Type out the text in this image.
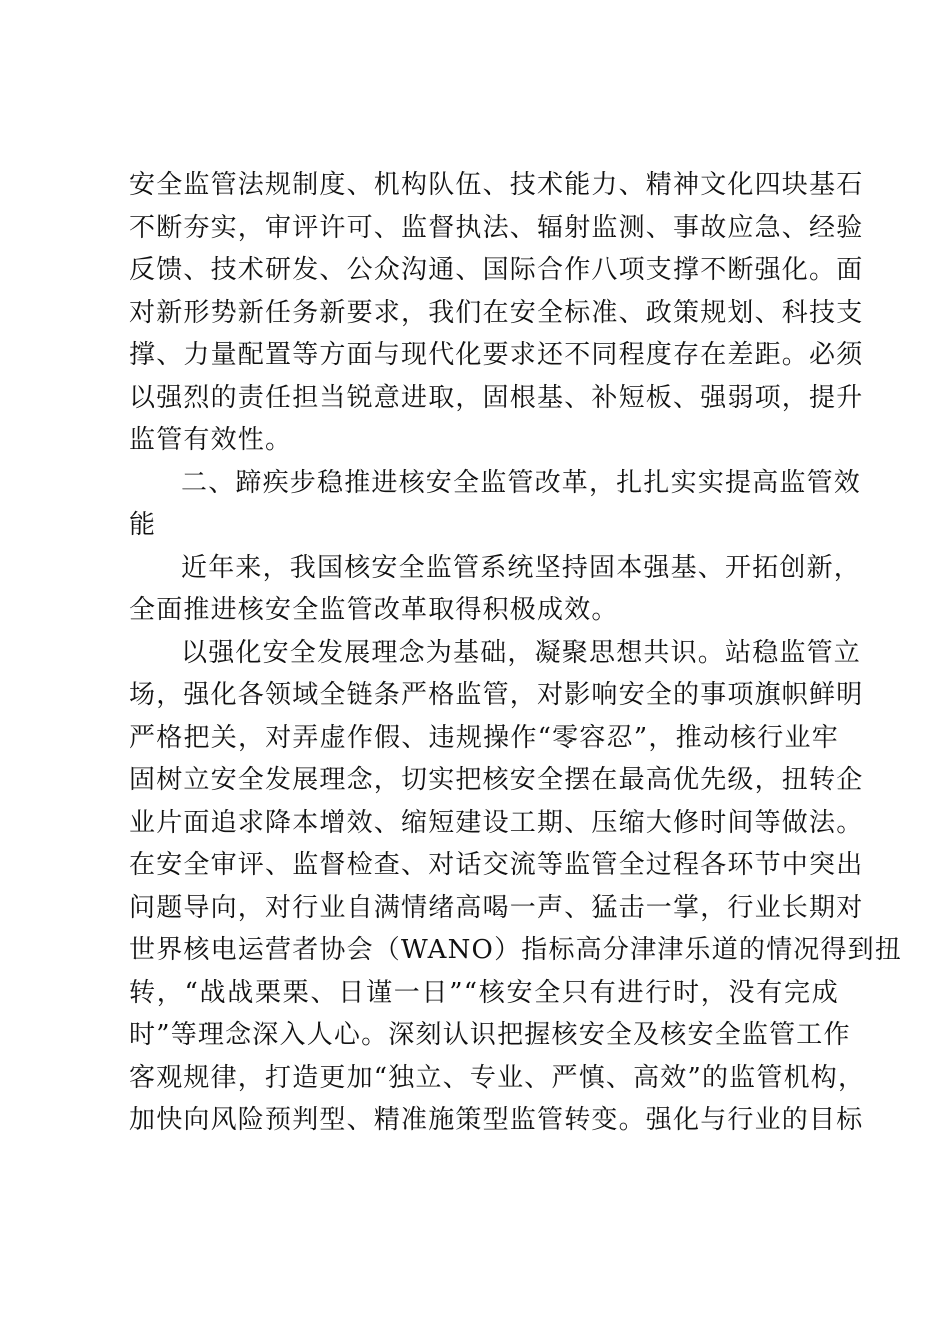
安全监管法规制度、机构队伍、技术能力、精神文化四块基石
不断夯实，审评许可、监督执法、辐射监测、事故应急、经验
反馈、技术研发、公众沟通、国际合作八项支撑不断强化。面
对新形势新任务新要求，我们在安全标准、政策规划、科技支
撑、力量配置等方面与现代化要求还不同程度存在差距。必须
以强烈的责任担当锐意进取，固根基、补短板、强弱项，提升
监管有效性。

二、蹄疾步稳推进核安全监管改革，扎扎实实提高监管效
能

近年来，我国核安全监管系统坚持固本强基、开拓创新，
全面推进核安全监管改革取得积极成效。

以强化安全发展理念为基础，凝聚思想共识。站稳监管立
场，强化各领域全链条严格监管，对影响安全的事项旗帜鲜明
严格把关，对弄虚作假、违规操作“零容忍”，推动核行业牢
固树立安全发展理念，切实把核安全摆在最高优先级，扭转企
业片面追求降本增效、缩短建设工期、压缩大修时间等做法。
在安全审评、监督检查、对话交流等监管全过程各环节中突出
问题导向，对行业自满情绪高喝一声、猛击一掌，行业长期对
世界核电运营者协会（WANO）指标高分津津乐道的情况得到扭
转，“战战栗栗、日谨一日”“核安全只有进行时，没有完成
时”等理念深入人心。深刻认识把握核安全及核安全监管工作
客观规律，打造更加“独立、专业、严慎、高效”的监管机构，
加快向风险预判型、精准施策型监管转变。强化与行业的目标
